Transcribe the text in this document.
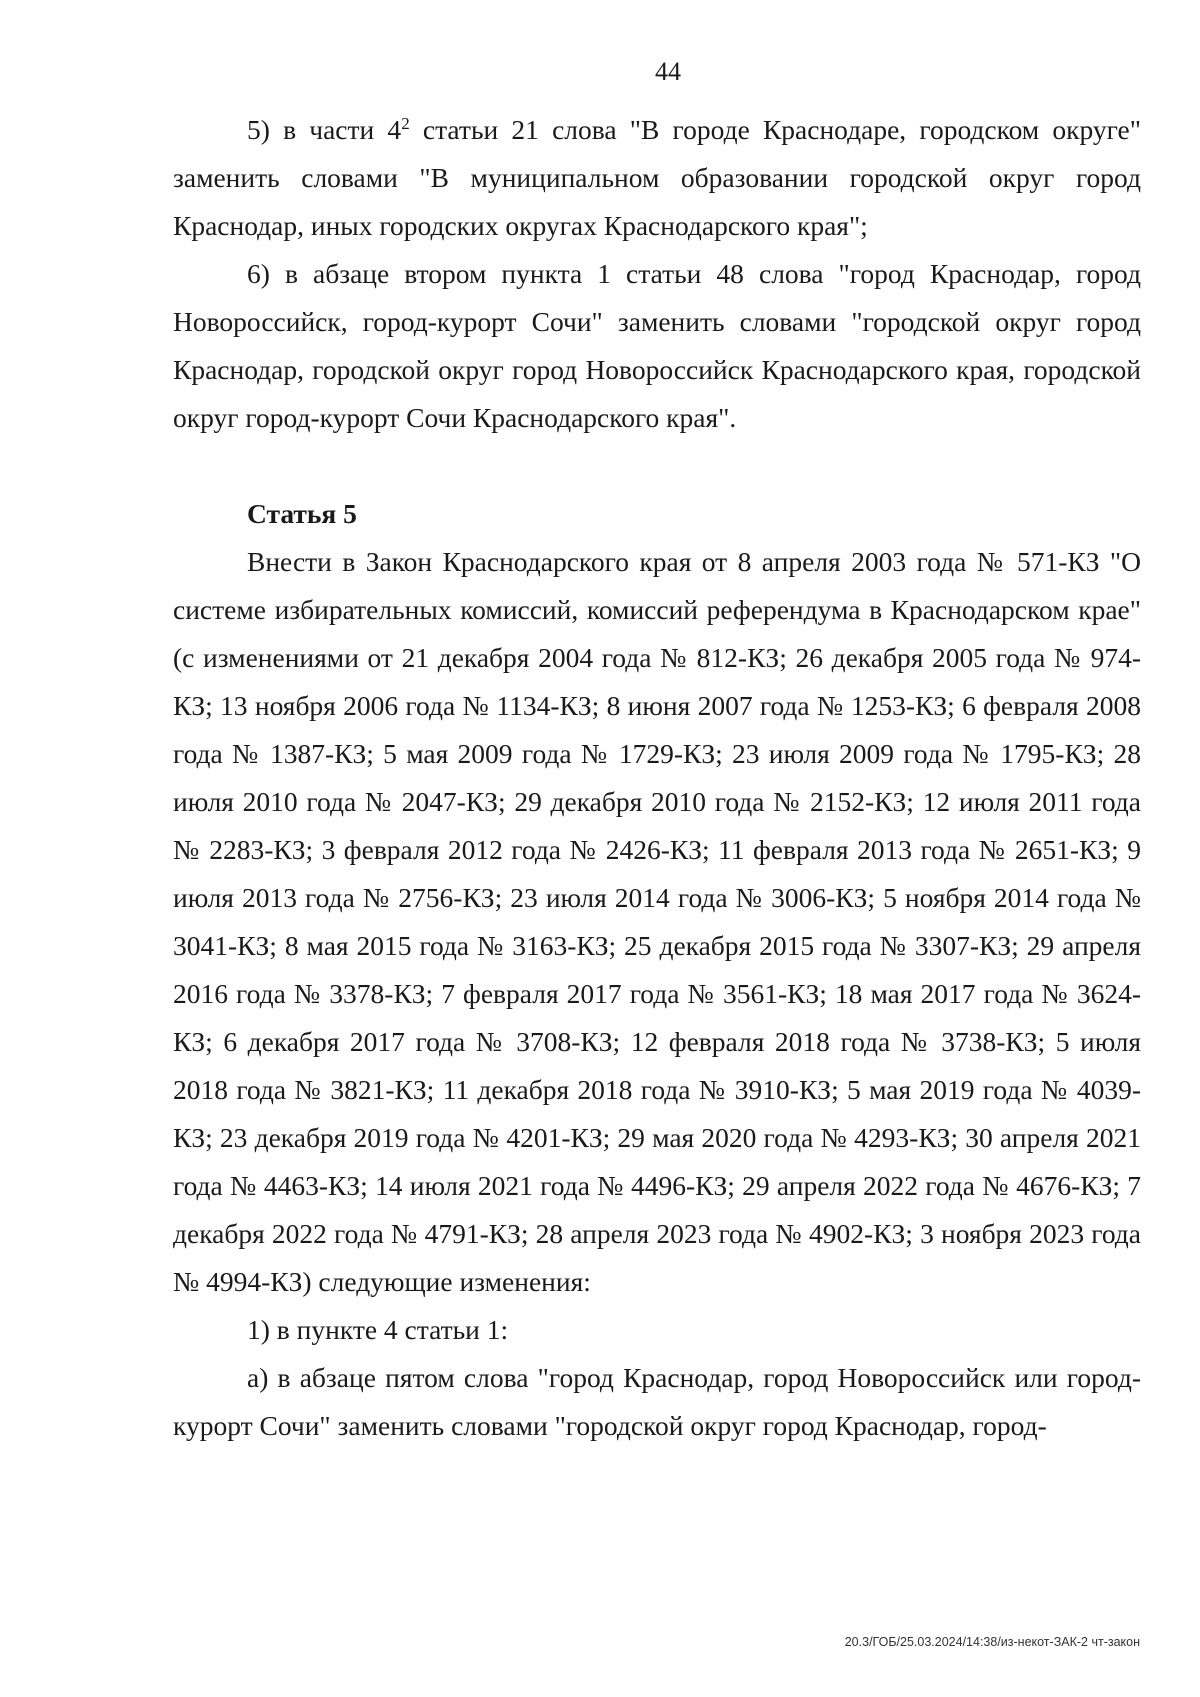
44

5) в части $4^2$ статьи 21 слова "В городе Краснодаре, городском округе" заменить словами "В муниципальном образовании городской округ город Краснодар, иных городских округах Краснодарского края";

6) в абзаце втором пункта 1 статьи 48 слова "город Краснодар, город Новороссийск, город-курорт Сочи" заменить словами "городской округ город Краснодар, городской округ город Новороссийск Краснодарского края, городской округ город-курорт Сочи Краснодарского края".

Статья 5

Внести в Закон Краснодарского края от 8 апреля 2003 года № 571-КЗ "О системе избирательных комиссий, комиссий референдума в Краснодарском крае" (с изменениями от 21 декабря 2004 года № 812-КЗ; 26 декабря 2005 года № 974-КЗ; 13 ноября 2006 года № 1134-КЗ; 8 июня 2007 года № 1253-КЗ; 6 февраля 2008 года № 1387-КЗ; 5 мая 2009 года № 1729-КЗ; 23 июля 2009 года № 1795-КЗ; 28 июля 2010 года № 2047-КЗ; 29 декабря 2010 года № 2152-КЗ; 12 июля 2011 года № 2283-КЗ; 3 февраля 2012 года № 2426-КЗ; 11 февраля 2013 года № 2651-КЗ; 9 июля 2013 года № 2756-КЗ; 23 июля 2014 года № 3006-КЗ; 5 ноября 2014 года № 3041-КЗ; 8 мая 2015 года № 3163-КЗ; 25 декабря 2015 года № 3307-КЗ; 29 апреля 2016 года № 3378-КЗ; 7 февраля 2017 года № 3561-КЗ; 18 мая 2017 года № 3624-КЗ; 6 декабря 2017 года № 3708-КЗ; 12 февраля 2018 года № 3738-КЗ; 5 июля 2018 года № 3821-КЗ; 11 декабря 2018 года № 3910-КЗ; 5 мая 2019 года № 4039-КЗ; 23 декабря 2019 года № 4201-КЗ; 29 мая 2020 года № 4293-КЗ; 30 апреля 2021 года № 4463-КЗ; 14 июля 2021 года № 4496-КЗ; 29 апреля 2022 года № 4676-КЗ; 7 декабря 2022 года № 4791-КЗ; 28 апреля 2023 года № 4902-КЗ; 3 ноября 2023 года № 4994-КЗ) следующие изменения:

1) в пункте 4 статьи 1:

а) в абзаце пятом слова "город Краснодар, город Новороссийск или город-курорт Сочи" заменить словами "городской округ город Краснодар, город-

20.3/ГОБ/25.03.2024/14:38/из-некот-ЗАК-2 чт-закон
